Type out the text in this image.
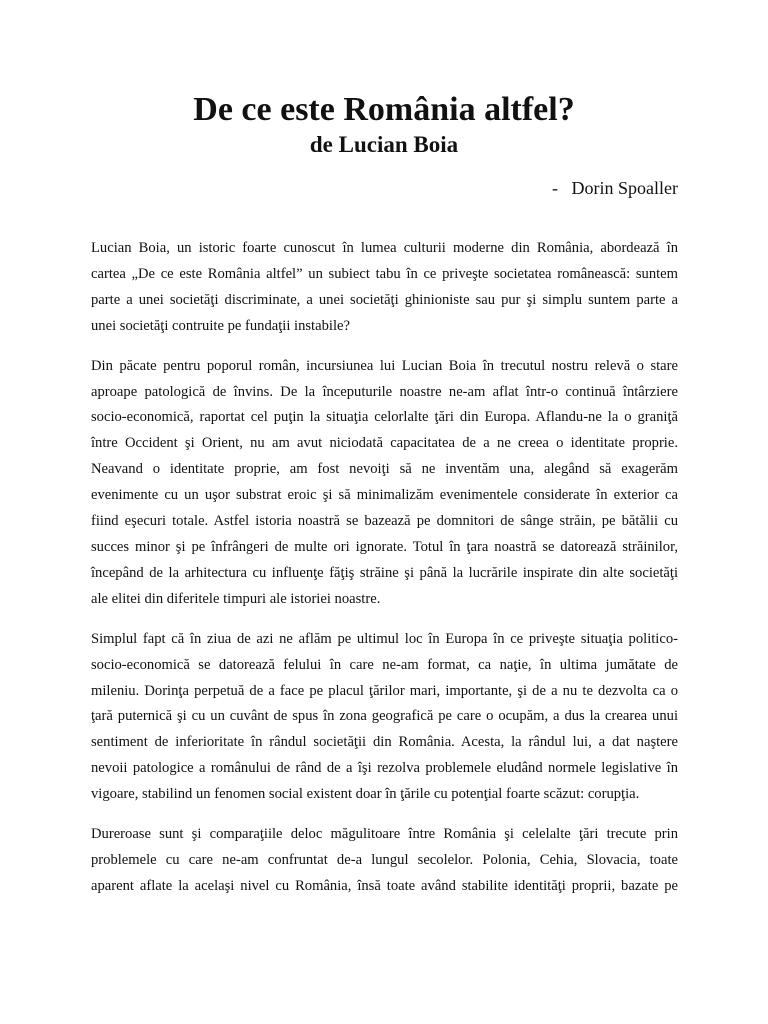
De ce este România altfel?
de Lucian Boia

-   Dorin Spoaller

Lucian Boia, un istoric foarte cunoscut în lumea culturii moderne din România, abordează în
cartea „De ce este România altfel” un subiect tabu în ce priveşte societatea românească: suntem
parte a unei societăţi discriminate, a unei societăţi ghinioniste sau pur şi simplu suntem parte a
unei societăţi contruite pe fundaţii instabile?

Din păcate pentru poporul român, incursiunea lui Lucian Boia în trecutul nostru relevă o stare
aproape patologică de învins. De la începuturile noastre ne-am aflat într-o continuă întârziere
socio-economică, raportat cel puţin la situaţia celorlalte ţări din Europa. Aflandu-ne la o graniţă
între Occident şi Orient, nu am avut niciodată capacitatea de a ne creea o identitate proprie.
Neavand o identitate proprie, am fost nevoiţi să ne inventăm una, alegând să exagerăm
evenimente cu un uşor substrat eroic şi să minimalizăm evenimentele considerate în exterior ca
fiind eşecuri totale. Astfel istoria noastră se bazează pe domnitori de sânge străin, pe bătălii cu
succes minor şi pe înfrângeri de multe ori ignorate. Totul în ţara noastră se datorează străinilor,
începând de la arhitectura cu influenţe făţiş străine şi până la lucrările inspirate din alte societăţi
ale elitei din diferitele timpuri ale istoriei noastre.

Simplul fapt că în ziua de azi ne aflăm pe ultimul loc în Europa în ce priveşte situaţia politico-
socio-economică se datorează felului în care ne-am format, ca naţie, în ultima jumătate de
mileniu. Dorinţa perpetuă de a face pe placul ţărilor mari, importante, şi de a nu te dezvolta ca o
ţară puternică şi cu un cuvânt de spus în zona geografică pe care o ocupăm, a dus la crearea unui
sentiment de inferioritate în rândul societăţii din România. Acesta, la rândul lui, a dat naştere
nevoii patologice a românului de rând de a îşi rezolva problemele eludând normele legislative în
vigoare, stabilind un fenomen social existent doar în ţările cu potenţial foarte scăzut: corupţia.

Dureroase sunt şi comparaţiile deloc măgulitoare între România şi celelalte ţări trecute prin
problemele cu care ne-am confruntat de-a lungul secolelor. Polonia, Cehia, Slovacia, toate
aparent aflate la acelaşi nivel cu România, însă toate având stabilite identităţi proprii, bazate pe
